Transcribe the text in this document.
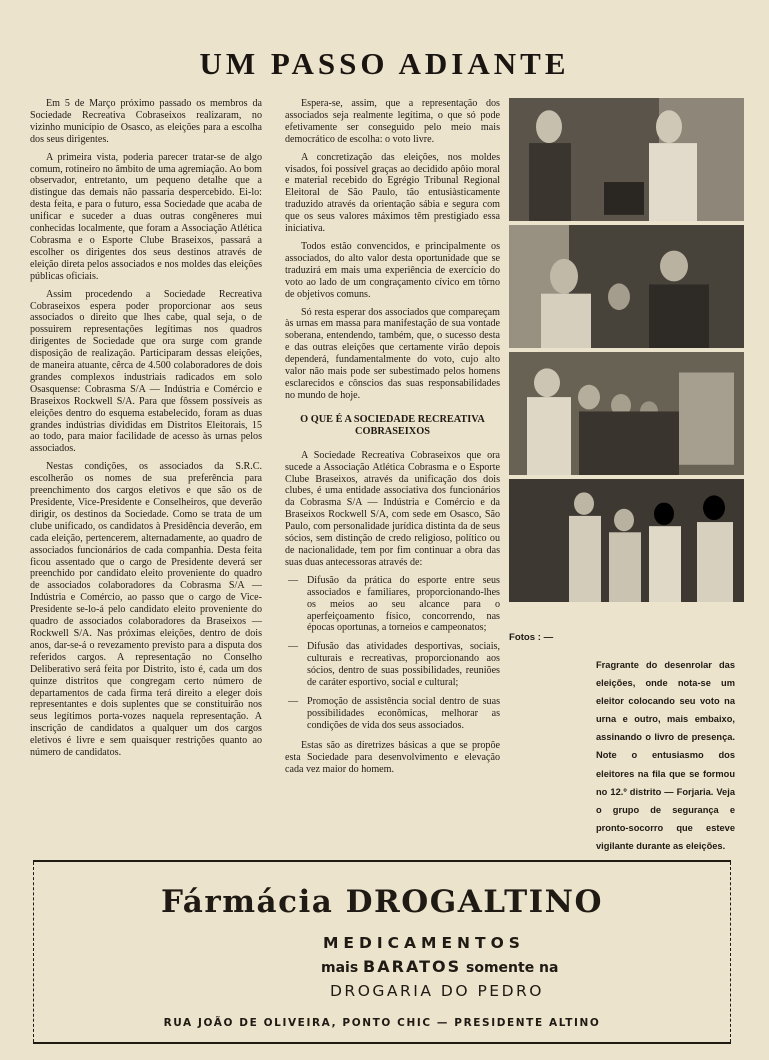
UM PASSO ADIANTE

Em 5 de Março próximo passado os membros da Sociedade Recreativa Cobraseixos realizaram, no vizinho município de Osasco, as eleições para a escolha dos seus dirigentes.

A primeira vista, poderia parecer tratar-se de algo comum, rotineiro no âmbito de uma agremiação. Ao bom observador, entretanto, um pequeno detalhe que a distingue das demais não passaria despercebido. Ei-lo: desta feita, e para o futuro, essa Sociedade que acaba de unificar e suceder a duas outras congêneres mui conhecidas localmente, que foram a Associação Atlética Cobrasma e o Esporte Clube Braseixos, passará a escolher os dirigentes dos seus destinos através de eleição direta pelos associados e nos moldes das eleições públicas oficiais.

Assim procedendo a Sociedade Recreativa Cobraseixos espera poder proporcionar aos seus associados o direito que lhes cabe, qual seja, o de possuirem representações legítimas nos quadros dirigentes de Sociedade que ora surge com grande disposição de realização. Participaram dessas eleições, de maneira atuante, cêrca de 4.500 colaboradores de dois grandes complexos industriais radicados em solo Osasquense: Cobrasma S/A — Indústria e Comércio e Braseixos Rockwell S/A. Para que fôssem possíveis as eleições dentro do esquema estabelecido, foram as duas grandes indústrias divididas em Distritos Eleitorais, 15 ao todo, para maior facilidade de acesso às urnas pelos associados.

Nestas condições, os associados da S.R.C. escolherão os nomes de sua preferência para preenchimento dos cargos eletivos e que são os de Presidente, Vice-Presidente e Conselheiros, que deverão dirigir, os destinos da Sociedade. Como se trata de um clube unificado, os candidatos à Presidência deverão, em cada eleição, pertencerem, alternadamente, ao quadro de associados funcionários de cada companhia. Desta feita ficou assentado que o cargo de Presidente deverá ser preenchido por candidato eleito proveniente do quadro de associados colaboradores da Cobrasma S/A — Indústria e Comércio, ao passo que o cargo de Vice-Presidente se-lo-á pelo candidato eleito proveniente do quadro de associados colaboradores da Braseixos — Rockwell S/A. Nas próximas eleições, dentro de dois anos, dar-se-á o revezamento previsto para a disputa dos referidos cargos. A representação no Conselho Deliberativo será feita por Distrito, isto é, cada um dos quinze distritos que congregam certo número de departamentos de cada firma terá direito a eleger dois representantes e dois suplentes que se constituirão nos seus legítimos porta-vozes naquela representação. A inscrição de candidatos a qualquer um dos cargos eletivos é livre e sem quaisquer restrições quanto ao número de candidatos.

Espera-se, assim, que a representação dos associados seja realmente legítima, o que só pode efetivamente ser conseguido pelo meio mais democrático de escolha: o voto livre.

A concretização das eleições, nos moldes visados, foi possível graças ao decidido apôio moral e material recebido do Egrégio Tribunal Regional Eleitoral de São Paulo, tão entusiàsticamente traduzido através da orientação sábia e segura com que os seus valores máximos têm prestigiado essa iniciativa.

Todos estão convencidos, e principalmente os associados, do alto valor desta oportunidade que se traduzirá em mais uma experiência de exercício do voto ao lado de um congraçamento cívico em tôrno de objetivos comuns.

Só resta esperar dos associados que compareçam às urnas em massa para manifestação de sua vontade soberana, entendendo, também, que, o sucesso desta e das outras eleições que certamente virão depois dependerá, fundamentalmente do voto, cujo alto valor não mais pode ser subestimado pelos homens esclarecidos e cônscios das suas responsabilidades no mundo de hoje.

O QUE É A SOCIEDADE RECREATIVA COBRASEIXOS

A Sociedade Recreativa Cobraseixos que ora sucede a Associação Atlética Cobrasma e o Esporte Clube Braseixos, através da unificação dos dois clubes, é uma entidade associativa dos funcionários da Cobrasma S/A — Indústria e Comércio e da Braseixos Rockwell S/A, com sede em Osasco, São Paulo, com personalidade jurídica distinta da de seus sócios, sem distinção de credo religioso, político ou de nacionalidade, tem por fim continuar a obra das suas duas antecessoras através de:

— Difusão da prática do esporte entre seus associados e familiares, proporcionando-lhes os meios ao seu alcance para o aperfeiçoamento físico, concorrendo, nas épocas oportunas, a torneios e campeonatos;
— Difusão das atividades desportivas, sociais, culturais e recreativas, proporcionando aos sócios, dentro de suas possibilidades, reuniões de caráter esportivo, social e cultural;
— Promoção de assistência social dentro de suas possibilidades econômicas, melhorar as condições de vida dos seus associados.

Estas são as diretrizes básicas a que se propõe esta Sociedade para desenvolvimento e elevação cada vez maior do homem.

Fotos : —
Fragrante do desenrolar das eleições, onde nota-se um eleitor colocando seu voto na urna e outro, mais embaixo, assinando o livro de presença. Note o entusiasmo dos eleitores na fila que se formou no 12.º distrito — Forjaria. Veja o grupo de segurança e pronto-socorro que esteve vigilante durante as eleições.
Fármácia DROGALTINO
MEDICAMENTOS
mais BARATOS somente na
DROGARIA DO PEDRO
RUA JOÃO DE OLIVEIRA, PONTO CHIC — PRESIDENTE ALTINO
